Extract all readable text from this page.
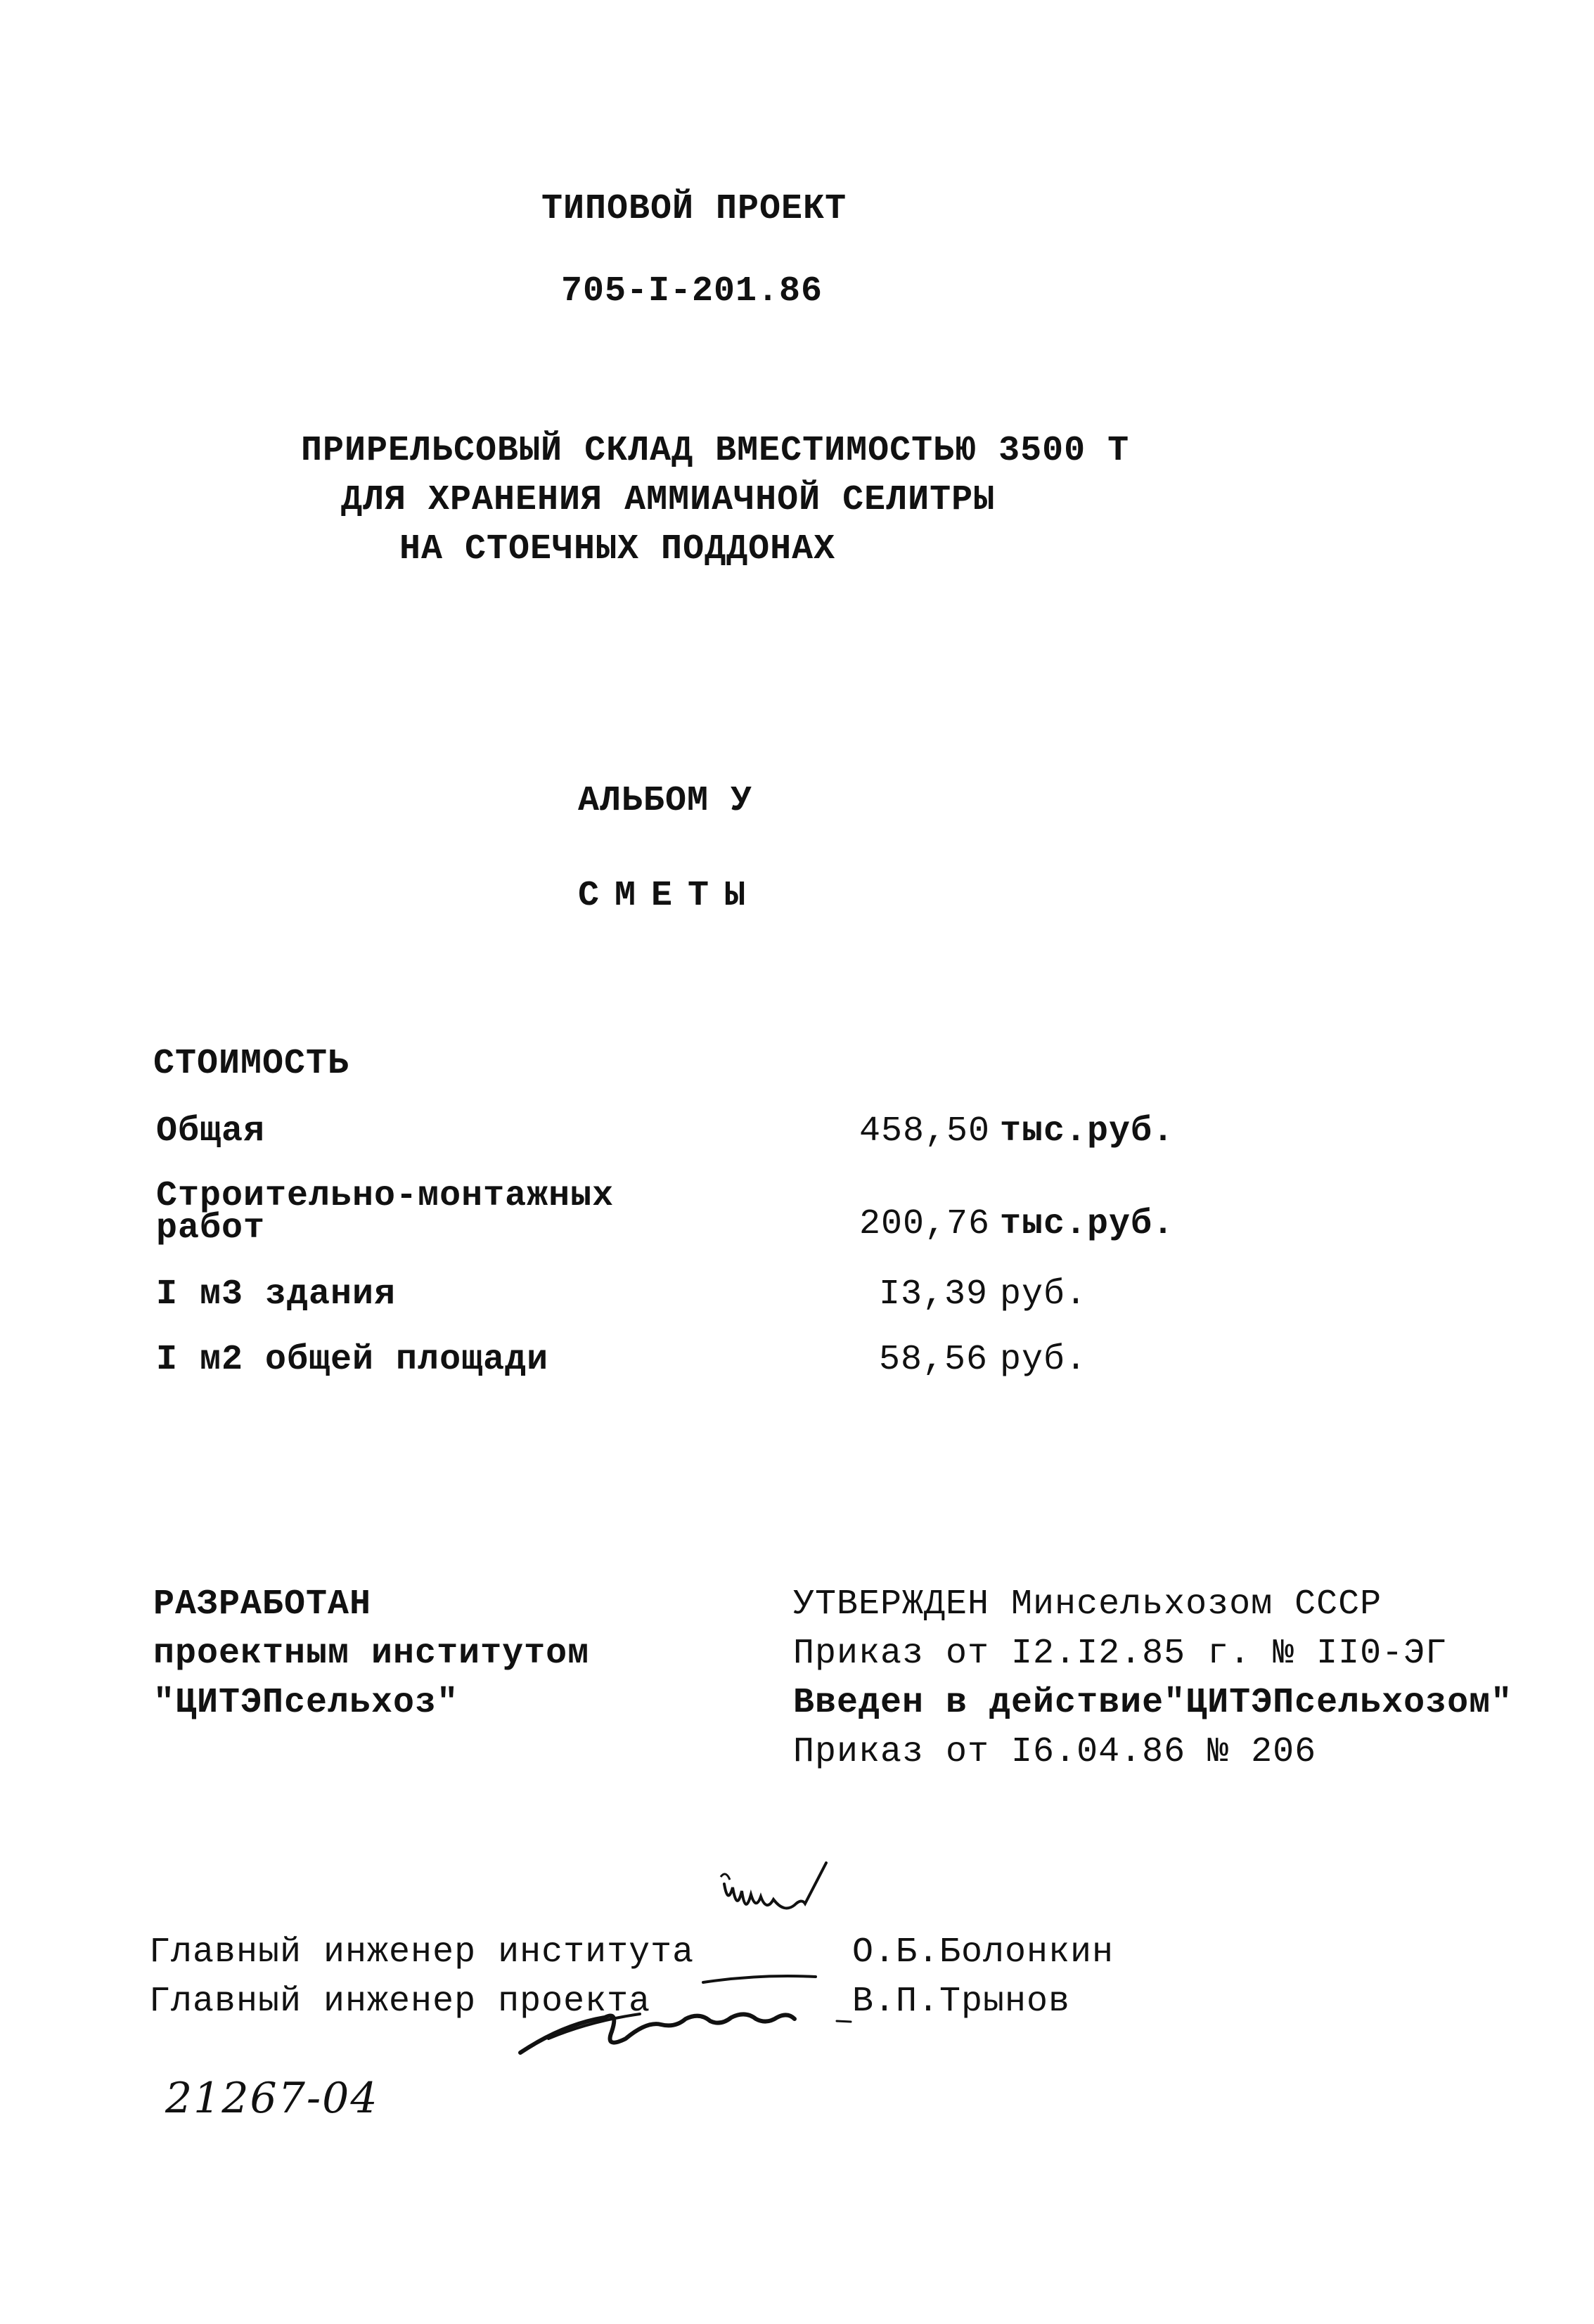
ТИПОВОЙ ПРОЕКТ
705-I-201.86
ПРИРЕЛЬСОВЫЙ СКЛАД ВМЕСТИМОСТЬЮ 3500 Т
ДЛЯ ХРАНЕНИЯ АММИАЧНОЙ СЕЛИТРЫ
НА СТОЕЧНЫХ ПОДДОНАХ
АЛЬБОМ У
СМЕТЫ
СТОИМОСТЬ
Общая	458,50 тыс.руб.
Строительно-монтажных
работ	200,76 тыс.руб.
I м3 здания	I3,39 руб.
I м2 общей площади	58,56 руб.
РАЗРАБОТАН
проектным институтом
"ЦИТЭПсельхоз"
УТВЕРЖДЕН Минсельхозом СССР
Приказ от I2.I2.85 г. № II0-ЭГ
Введен в действие"ЦИТЭПсельхозом"
Приказ от I6.04.86 № 206
Главный инженер института	О.Б.Болонкин
Главный инженер проекта	В.П.Трынов
21267-04
